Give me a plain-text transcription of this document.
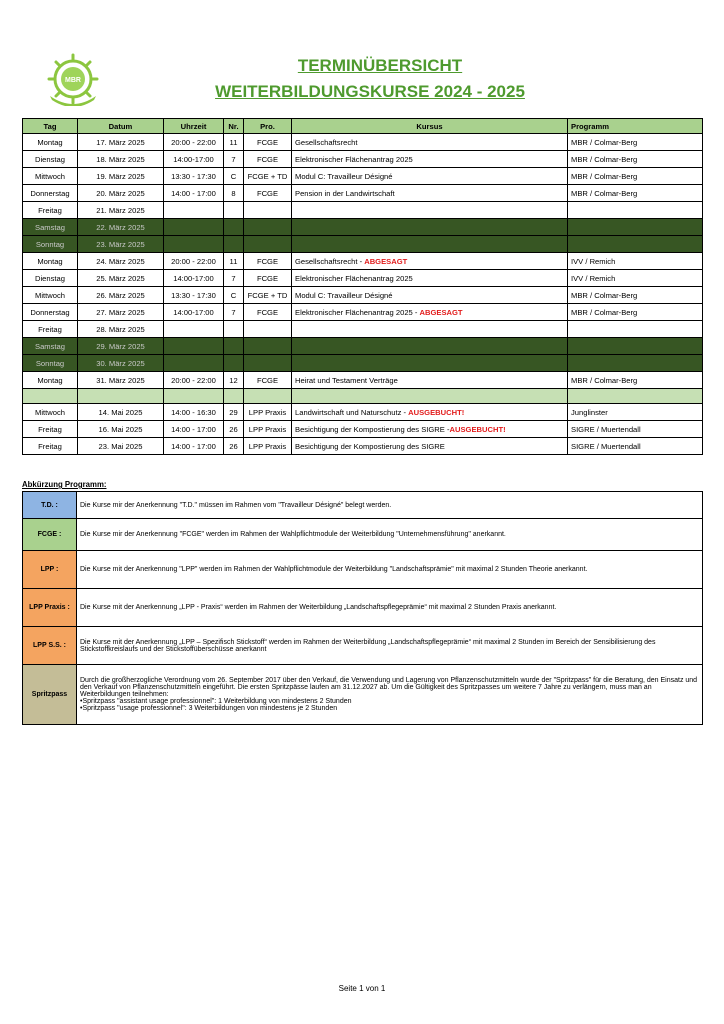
MBR
TERMINÜBERSICHT
WEITERBILDUNGSKURSE 2024 - 2025
Tag	Datum	Uhrzeit	Nr.	Pro.	Kursus	Programm
Montag	17. März 2025	20:00 - 22:00	11	FCGE	Gesellschaftsrecht	MBR / Colmar-Berg
Dienstag	18. März 2025	14:00-17:00	7	FCGE	Elektronischer Flächenantrag 2025	MBR / Colmar-Berg
Mittwoch	19. März 2025	13:30 - 17:30	C	FCGE + TD	Modul C: Travailleur Désigné	MBR / Colmar-Berg
Donnerstag	20. März 2025	14:00 - 17:00	8	FCGE	Pension in der Landwirtschaft	MBR / Colmar-Berg
Freitag	21. März 2025					
Samstag	22. März 2025					
Sonntag	23. März 2025					
Montag	24. März 2025	20:00 - 22:00	11	FCGE	Gesellschaftsrecht - ABGESAGT	IVV / Remich
Dienstag	25. März 2025	14:00-17:00	7	FCGE	Elektronischer Flächenantrag 2025	IVV / Remich
Mittwoch	26. März 2025	13:30 - 17:30	C	FCGE + TD	Modul C: Travailleur Désigné	MBR / Colmar-Berg
Donnerstag	27. März 2025	14:00-17:00	7	FCGE	Elektronischer Flächenantrag 2025 - ABGESAGT	MBR / Colmar-Berg
Freitag	28. März 2025					
Samstag	29. März 2025					
Sonntag	30. März 2025					
Montag	31. März 2025	20:00 - 22:00	12	FCGE	Heirat und Testament Verträge	MBR / Colmar-Berg

Mittwoch	14. Mai 2025	14:00 - 16:30	29	LPP Praxis	Landwirtschaft und Naturschutz - AUSGEBUCHT!	Junglinster
Freitag	16. Mai 2025	14:00 - 17:00	26	LPP Praxis	Besichtigung der Kompostierung des SIGRE -AUSGEBUCHT!	SIGRE / Muertendall
Freitag	23. Mai 2025	14:00 - 17:00	26	LPP Praxis	Besichtigung der Kompostierung des SIGRE	SIGRE / Muertendall
Abkürzung Programm:
T.D. :	Die Kurse mir der Anerkennung "T.D." müssen im Rahmen vom "Travailleur Désigné" belegt werden.

FCGE :	Die Kurse mir der Anerkennung "FCGE" werden im Rahmen der Wahlpflichtmodule der Weiterbildung "Unternehmensführung" anerkannt.

LPP :	Die Kurse mit der Anerkennung "LPP" werden im Rahmen der Wahlpflichtmodule der Weiterbildung "Landschaftsprämie" mit maximal 2 Stunden Theorie anerkannt.

LPP Praxis :	Die Kurse mit der Anerkennung „LPP - Praxis“ werden im Rahmen der Weiterbildung „Landschaftspflegeprämie“ mit maximal 2 Stunden Praxis anerkannt.

LPP S.S. :	Die Kurse mit der Anerkennung „LPP – Spezifisch Stickstoff“ werden im Rahmen der Weiterbildung „Landschaftspflegeprämie“ mit maximal 2 Stunden im Bereich der Sensibilisierung des Stickstoffkreislaufs und der Stickstoffüberschüsse anerkannt

Spritzpass	Durch die großherzogliche Verordnung vom 26. September 2017 über den Verkauf, die Verwendung und Lagerung von Pflanzenschutzmitteln wurde der "Spritzpass" für die Beratung, den Einsatz und den Verkauf von Pflanzenschutzmitteln eingeführt. Die ersten Spritzpässe laufen am 31.12.2027 ab. Um die Gültigkeit des Spritzpasses um weitere 7 Jahre zu verlängern, muss man an Weiterbildungen teilnehmen:
•Spritzpass "assistant usage professionnel": 1 Weiterbildung von mindestens 2 Stunden
•Spritzpass "usage professionnel": 3 Weiterbildungen von mindestens je 2 Stunden
Seite 1 von 1
